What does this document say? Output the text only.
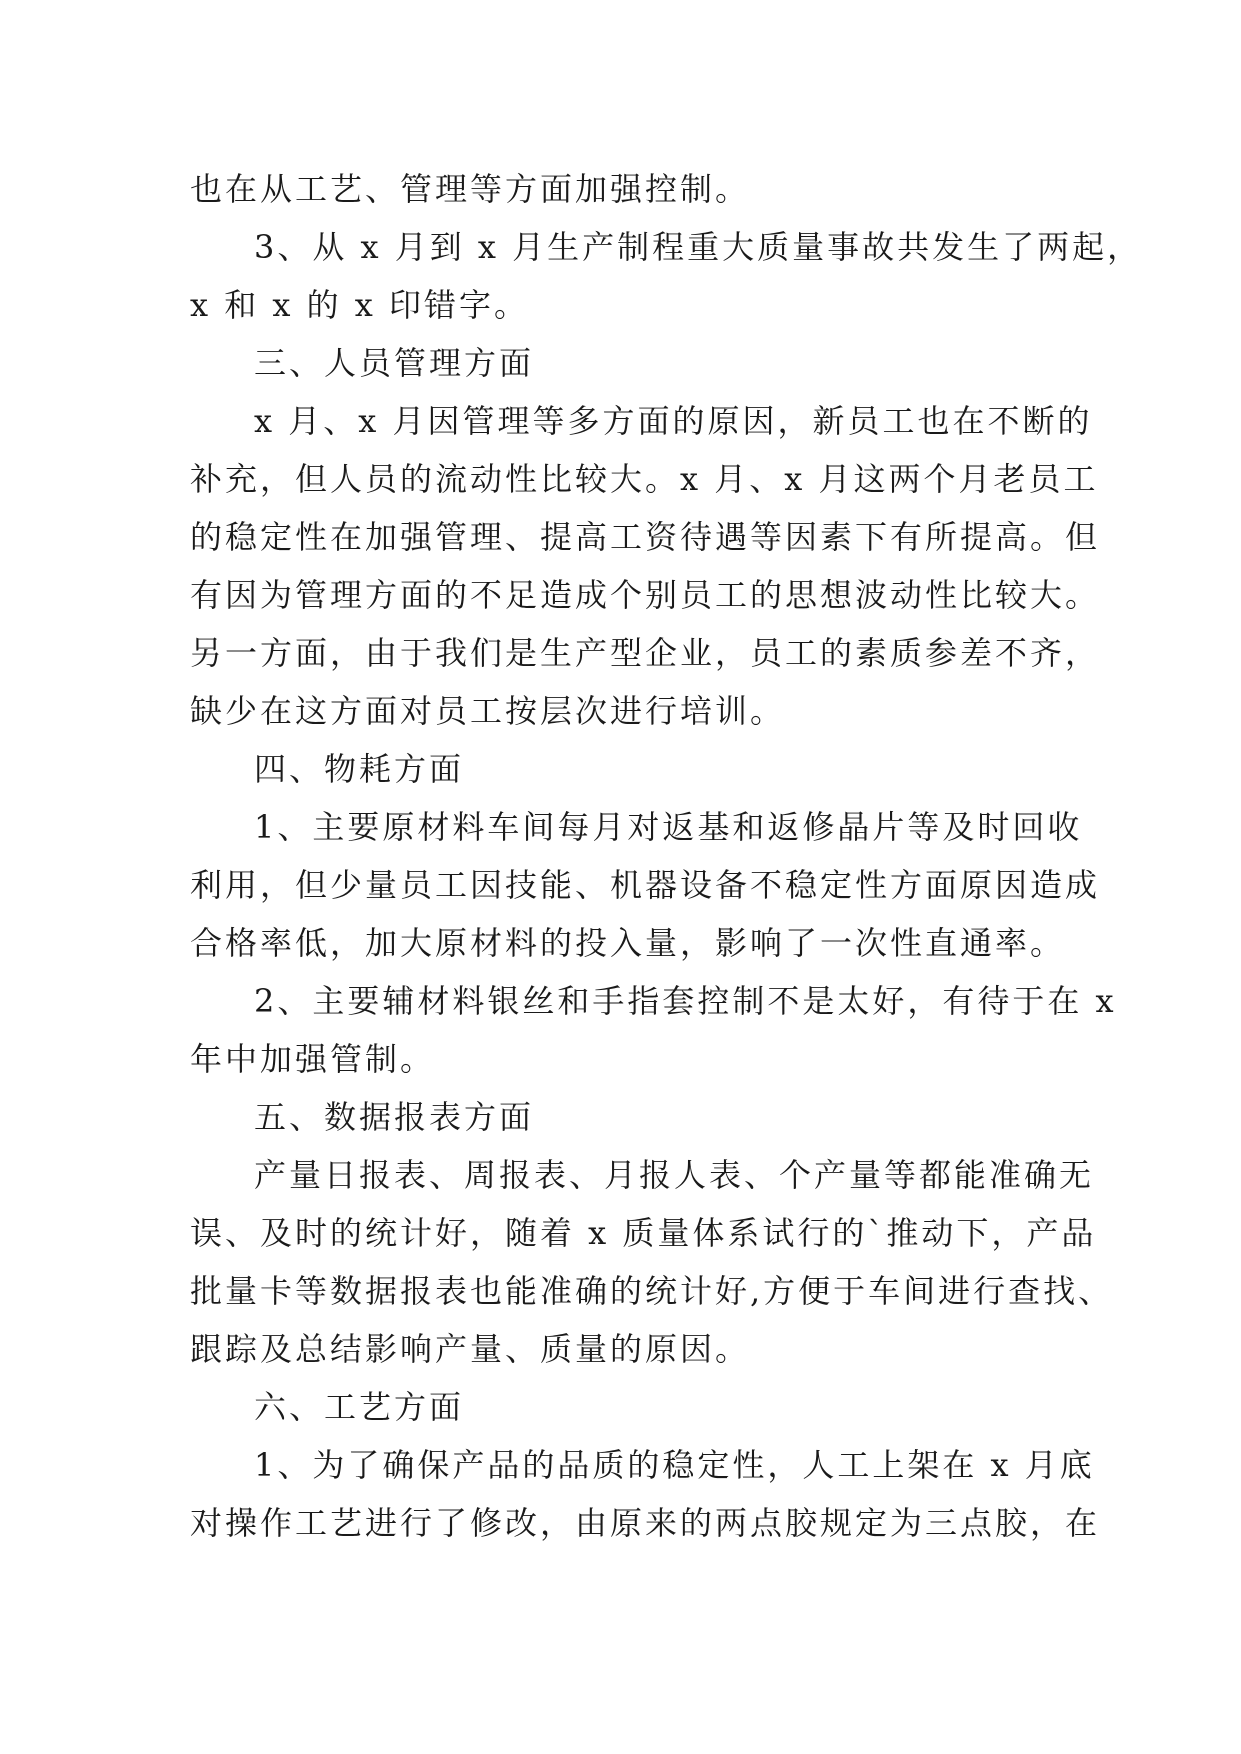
也在从工艺、管理等方面加强控制。
3、从 x 月到 x 月生产制程重大质量事故共发生了两起，
x 和 x 的 x 印错字。
三、人员管理方面
x 月、x 月因管理等多方面的原因，新员工也在不断的
补充，但人员的流动性比较大。x 月、x 月这两个月老员工
的稳定性在加强管理、提高工资待遇等因素下有所提高。但
有因为管理方面的不足造成个别员工的思想波动性比较大。
另一方面，由于我们是生产型企业，员工的素质参差不齐，
缺少在这方面对员工按层次进行培训。
四、物耗方面
1、主要原材料车间每月对返基和返修晶片等及时回收
利用，但少量员工因技能、机器设备不稳定性方面原因造成
合格率低，加大原材料的投入量，影响了一次性直通率。
2、主要辅材料银丝和手指套控制不是太好，有待于在 x
年中加强管制。
五、数据报表方面
产量日报表、周报表、月报人表、个产量等都能准确无
误、及时的统计好，随着 x 质量体系试行的`推动下，产品
批量卡等数据报表也能准确的统计好,方便于车间进行查找、
跟踪及总结影响产量、质量的原因。
六、工艺方面
1、为了确保产品的品质的稳定性，人工上架在 x 月底
对操作工艺进行了修改，由原来的两点胶规定为三点胶，在
